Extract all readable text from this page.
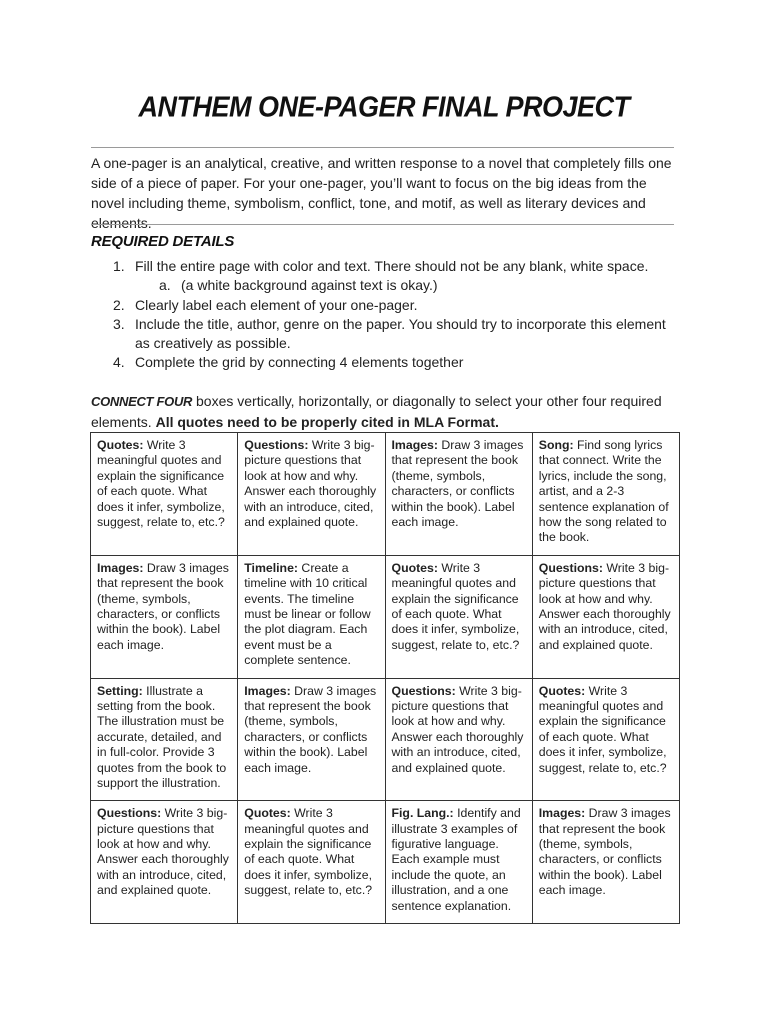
ANTHEM ONE-PAGER FINAL PROJECT
A one-pager is an analytical, creative, and written response to a novel that completely fills one side of a piece of paper. For your one-pager, you’ll want to focus on the big ideas from the novel including theme, symbolism, conflict, tone, and motif, as well as literary devices and elements.
REQUIRED DETAILS
1. Fill the entire page with color and text. There should not be any blank, white space.
a. (a white background against text is okay.)
2. Clearly label each element of your one-pager.
3. Include the title, author, genre on the paper. You should try to incorporate this element as creatively as possible.
4. Complete the grid by connecting 4 elements together
CONNECT FOUR boxes vertically, horizontally, or diagonally to select your other four required elements. All quotes need to be properly cited in MLA Format.
Quotes: Write 3 meaningful quotes and explain the significance of each quote. What does it infer, symbolize, suggest, relate to, etc.?	Questions: Write 3 big-picture questions that look at how and why. Answer each thoroughly with an introduce, cited, and explained quote.	Images: Draw 3 images that represent the book (theme, symbols, characters, or conflicts within the book). Label each image.	Song: Find song lyrics that connect. Write the lyrics, include the song, artist, and a 2-3 sentence explanation of how the song related to the book.
Images: Draw 3 images that represent the book (theme, symbols, characters, or conflicts within the book). Label each image.	Timeline: Create a timeline with 10 critical events. The timeline must be linear or follow the plot diagram. Each event must be a complete sentence.	Quotes: Write 3 meaningful quotes and explain the significance of each quote. What does it infer, symbolize, suggest, relate to, etc.?	Questions: Write 3 big-picture questions that look at how and why. Answer each thoroughly with an introduce, cited, and explained quote.
Setting: Illustrate a setting from the book. The illustration must be accurate, detailed, and in full-color. Provide 3 quotes from the book to support the illustration.	Images: Draw 3 images that represent the book (theme, symbols, characters, or conflicts within the book). Label each image.	Questions: Write 3 big-picture questions that look at how and why. Answer each thoroughly with an introduce, cited, and explained quote.	Quotes: Write 3 meaningful quotes and explain the significance of each quote. What does it infer, symbolize, suggest, relate to, etc.?
Questions: Write 3 big-picture questions that look at how and why. Answer each thoroughly with an introduce, cited, and explained quote.	Quotes: Write 3 meaningful quotes and explain the significance of each quote. What does it infer, symbolize, suggest, relate to, etc.?	Fig. Lang.: Identify and illustrate 3 examples of figurative language. Each example must include the quote, an illustration, and a one sentence explanation.	Images: Draw 3 images that represent the book (theme, symbols, characters, or conflicts within the book). Label each image.
